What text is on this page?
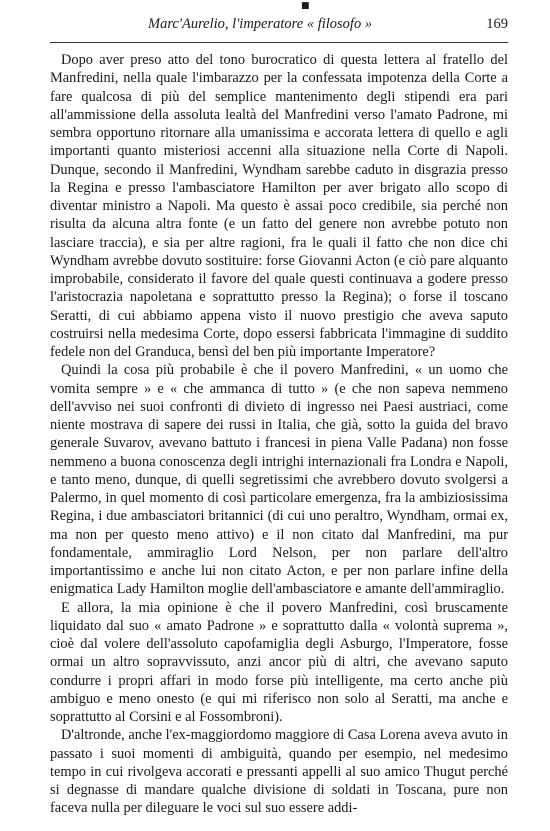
■
Marc'Aurelio, l'imperatore « filosofo »	169

Dopo aver preso atto del tono burocratico di questa lettera al fratello del Manfredini, nella quale l'imbarazzo per la confessata impotenza della Corte a fare qualcosa di più del semplice mantenimento degli stipendi era pari all'ammissione della assoluta lealtà del Manfredini verso l'amato Padrone, mi sembra opportuno ritornare alla umanissima e accorata lettera di quello e agli importanti quanto misteriosi accenni alla situazione nella Corte di Napoli. Dunque, secondo il Manfredini, Wyndham sarebbe caduto in disgrazia presso la Regina e presso l'ambasciatore Hamilton per aver brigato allo scopo di diventar ministro a Napoli. Ma questo è assai poco credibile, sia perché non risulta da alcuna altra fonte (e un fatto del genere non avrebbe potuto non lasciare traccia), e sia per altre ragioni, fra le quali il fatto che non dice chi Wyndham avrebbe dovuto sostituire: forse Giovanni Acton (e ciò pare alquanto improbabile, considerato il favore del quale questi continuava a godere presso l'aristocrazia napoletana e soprattutto presso la Regina); o forse il toscano Seratti, di cui abbiamo appena visto il nuovo prestigio che aveva saputo costruirsi nella medesima Corte, dopo essersi fabbricata l'immagine di suddito fedele non del Granduca, bensì del ben più importante Imperatore?

Quindi la cosa più probabile è che il povero Manfredini, « un uomo che vomita sempre » e « che ammanca di tutto » (e che non sapeva nemmeno dell'avviso nei suoi confronti di divieto di ingresso nei Paesi austriaci, come niente mostrava di sapere dei russi in Italia, che già, sotto la guida del bravo generale Suvarov, avevano battuto i francesi in piena Valle Padana) non fosse nemmeno a buona conoscenza degli intrighi internazionali fra Londra e Napoli, e tanto meno, dunque, di quelli segretissimi che avrebbero dovuto svolgersi a Palermo, in quel momento di così particolare emergenza, fra la ambiziosissima Regina, i due ambasciatori britannici (di cui uno peraltro, Wyndham, ormai ex, ma non per questo meno attivo) e il non citato dal Manfredini, ma pur fondamentale, ammiraglio Lord Nelson, per non parlare dell'altro importantissimo e anche lui non citato Acton, e per non parlare infine della enigmatica Lady Hamilton moglie dell'ambasciatore e amante dell'ammiraglio.

E allora, la mia opinione è che il povero Manfredini, così bruscamente liquidato dal suo « amato Padrone » e soprattutto dalla « volontà suprema », cioè dal volere dell'assoluto capofamiglia degli Asburgo, l'Imperatore, fosse ormai un altro sopravvissuto, anzi ancor più di altri, che avevano saputo condurre i propri affari in modo forse più intelligente, ma certo anche più ambiguo e meno onesto (e qui mi riferisco non solo al Seratti, ma anche e soprattutto al Corsini e al Fossombroni).

D'altronde, anche l'ex-maggiordomo maggiore di Casa Lorena aveva avuto in passato i suoi momenti di ambiguità, quando per esempio, nel medesimo tempo in cui rivolgeva accorati e pressanti appelli al suo amico Thugut perché si degnasse di mandare qualche divisione di soldati in Toscana, pure non faceva nulla per dileguare le voci sul suo essere addi-
